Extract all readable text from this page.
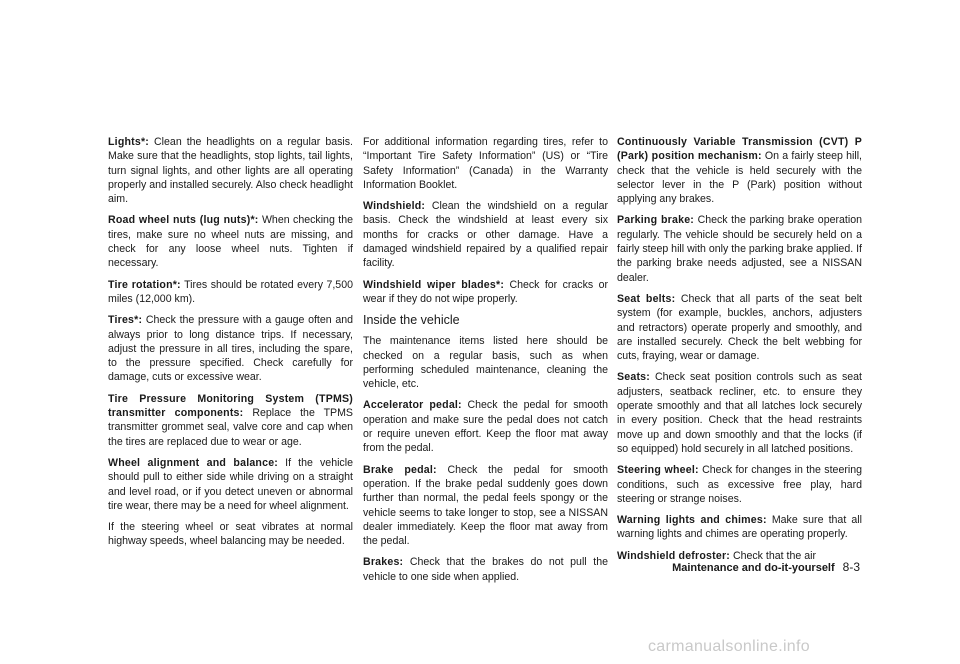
Lights*: Clean the headlights on a regular basis. Make sure that the headlights, stop lights, tail lights, turn signal lights, and other lights are all operating properly and installed securely. Also check headlight aim.

Road wheel nuts (lug nuts)*: When checking the tires, make sure no wheel nuts are missing, and check for any loose wheel nuts. Tighten if necessary.

Tire rotation*: Tires should be rotated every 7,500 miles (12,000 km).

Tires*: Check the pressure with a gauge often and always prior to long distance trips. If necessary, adjust the pressure in all tires, including the spare, to the pressure specified. Check carefully for damage, cuts or excessive wear.

Tire Pressure Monitoring System (TPMS) transmitter components: Replace the TPMS transmitter grommet seal, valve core and cap when the tires are replaced due to wear or age.

Wheel alignment and balance: If the vehicle should pull to either side while driving on a straight and level road, or if you detect uneven or abnormal tire wear, there may be a need for wheel alignment.

If the steering wheel or seat vibrates at normal highway speeds, wheel balancing may be needed.

For additional information regarding tires, refer to “Important Tire Safety Information” (US) or “Tire Safety Information” (Canada) in the Warranty Information Booklet.

Windshield: Clean the windshield on a regular basis. Check the windshield at least every six months for cracks or other damage. Have a damaged windshield repaired by a qualified repair facility.

Windshield wiper blades*: Check for cracks or wear if they do not wipe properly.

Inside the vehicle

The maintenance items listed here should be checked on a regular basis, such as when performing scheduled maintenance, cleaning the vehicle, etc.

Accelerator pedal: Check the pedal for smooth operation and make sure the pedal does not catch or require uneven effort. Keep the floor mat away from the pedal.

Brake pedal: Check the pedal for smooth operation. If the brake pedal suddenly goes down further than normal, the pedal feels spongy or the vehicle seems to take longer to stop, see a NISSAN dealer immediately. Keep the floor mat away from the pedal.

Brakes: Check that the brakes do not pull the vehicle to one side when applied.

Continuously Variable Transmission (CVT) P (Park) position mechanism: On a fairly steep hill, check that the vehicle is held securely with the selector lever in the P (Park) position without applying any brakes.

Parking brake: Check the parking brake operation regularly. The vehicle should be securely held on a fairly steep hill with only the parking brake applied. If the parking brake needs adjusted, see a NISSAN dealer.

Seat belts: Check that all parts of the seat belt system (for example, buckles, anchors, adjusters and retractors) operate properly and smoothly, and are installed securely. Check the belt webbing for cuts, fraying, wear or damage.

Seats: Check seat position controls such as seat adjusters, seatback recliner, etc. to ensure they operate smoothly and that all latches lock securely in every position. Check that the head restraints move up and down smoothly and that the locks (if so equipped) hold securely in all latched positions.

Steering wheel: Check for changes in the steering conditions, such as excessive free play, hard steering or strange noises.

Warning lights and chimes: Make sure that all warning lights and chimes are operating properly.

Windshield defroster: Check that the air

Maintenance and do-it-yourself 8-3
carmanualsonline.info
